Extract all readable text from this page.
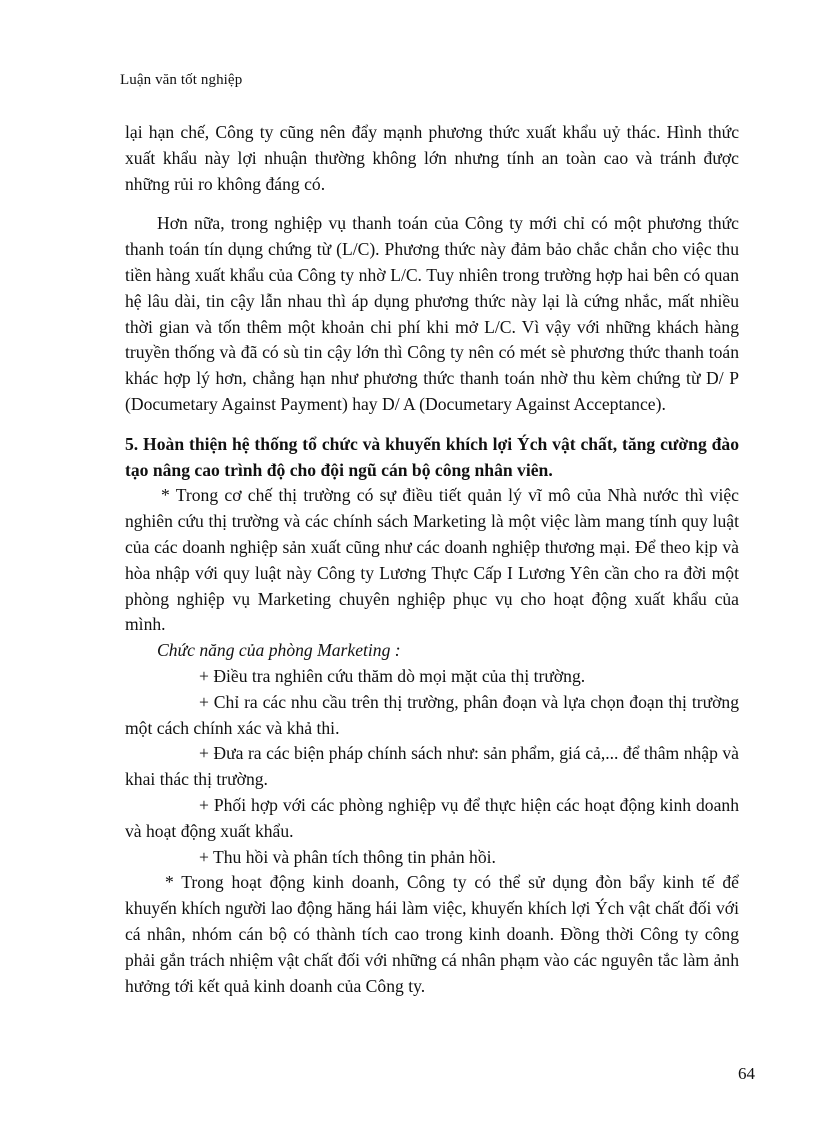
Luận văn tốt nghiệp

lại hạn chế, Công ty cũng nên đẩy mạnh phương thức xuất khẩu uỷ thác. Hình thức xuất khẩu này lợi nhuận thường không lớn nhưng tính an toàn cao và tránh được những rủi ro không đáng có.

Hơn nữa, trong nghiệp vụ thanh toán của Công ty mới chỉ có một phương thức thanh toán tín dụng chứng từ (L/C). Phương thức này đảm bảo chắc chắn cho việc thu tiền hàng xuất khẩu của Công ty nhờ L/C. Tuy nhiên trong trường hợp hai bên có quan hệ lâu dài, tin cậy lẫn nhau thì áp dụng phương thức này lại là cứng nhắc, mất nhiều thời gian và tốn thêm một khoản chi phí khi mở L/C. Vì vậy với những khách hàng truyền thống và đã có sù tin cậy lớn thì Công ty nên có mét sè phương thức thanh toán khác hợp lý hơn, chẳng hạn như phương thức thanh toán nhờ thu kèm chứng từ D/ P (Documetary Against Payment) hay D/ A (Documetary Against Acceptance).

5. Hoàn thiện hệ thống tổ chức và khuyến khích lợi Ých vật chất, tăng cường đào tạo nâng cao trình độ cho đội ngũ cán bộ công nhân viên.

* Trong cơ chế thị trường có sự điều tiết quản lý vĩ mô của Nhà nước thì việc nghiên cứu thị trường và các chính sách Marketing là một việc làm mang tính quy luật của các doanh nghiệp sản xuất cũng như các doanh nghiệp thương mại. Để theo kịp và hòa nhập với quy luật này Công ty Lương Thực Cấp I Lương Yên cần cho ra đời một phòng nghiệp vụ Marketing chuyên nghiệp phục vụ cho hoạt động xuất khẩu của mình.

Chức năng của phòng Marketing :

+ Điều tra nghiên cứu thăm dò mọi mặt của thị trường.

+ Chỉ ra các nhu cầu trên thị trường, phân đoạn và lựa chọn đoạn thị trường một cách chính xác và khả thi.

+ Đưa ra các biện pháp chính sách như: sản phẩm, giá cả,... để thâm nhập và khai thác thị trường.

+ Phối hợp với các phòng nghiệp vụ để thực hiện các hoạt động kinh doanh và hoạt động xuất khẩu.

+ Thu hồi và phân tích thông tin phản hồi.

* Trong hoạt động kinh doanh, Công ty có thể sử dụng đòn bẩy kinh tế để khuyến khích người lao động hăng hái làm việc, khuyến khích lợi Ých vật chất đối với cá nhân, nhóm cán bộ có thành tích cao trong kinh doanh. Đồng thời Công ty công phải gắn trách nhiệm vật chất đối với những cá nhân phạm vào các nguyên tắc làm ảnh hưởng tới kết quả kinh doanh của Công ty.

64
